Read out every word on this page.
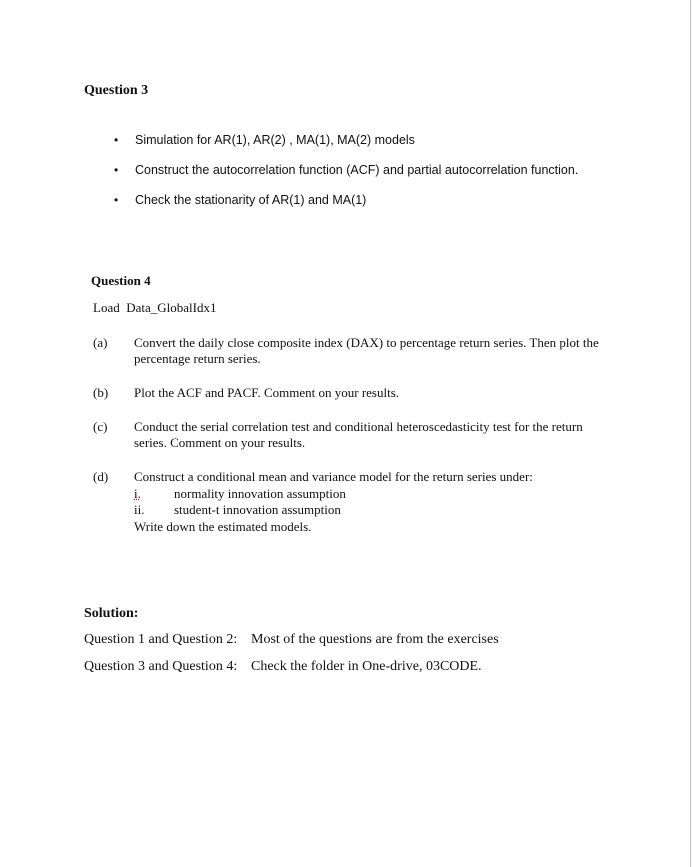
Question 3
• Simulation for AR(1), AR(2) , MA(1), MA(2) models
• Construct the autocorrelation function (ACF) and partial autocorrelation function.
• Check the stationarity of AR(1) and MA(1)
Question 4
Load  Data_GlobalIdx1
(a) Convert the daily close composite index (DAX) to percentage return series. Then plot the percentage return series.
(b) Plot the ACF and PACF. Comment on your results.
(c) Conduct the serial correlation test and conditional heteroscedasticity test for the return series. Comment on your results.
(d) Construct a conditional mean and variance model for the return series under:
i.	normality innovation assumption
ii. student-t innovation assumption
Write down the estimated models.
Solution:
Question 1 and Question 2: Most of the questions are from the exercises
Question 3 and Question 4: Check the folder in One-drive, 03CODE.
